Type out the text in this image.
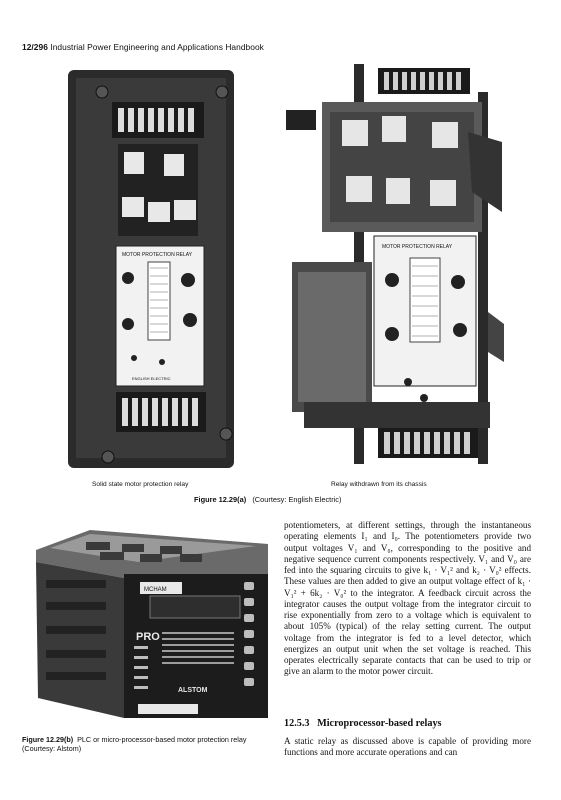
12/296 Industrial Power Engineering and Applications Handbook
MOTOR PROTECTION RELAY
ENGLISH ELECTRIC
MOTOR PROTECTION RELAY
Solid state motor protection relay	Relay withdrawn from its chassis
Figure 12.29(a) (Courtesy: English Electric)
MCHAM
PRO
ALSTOM
Figure 12.29(b) PLC or micro-processor-based motor protection relay (Courtesy: Alstom)
potentiometers, at different settings, through the instantaneous operating elements I₁ and I₀. The potentiometers provide two output voltages V₁ and V₀, corresponding to the positive and negative sequence current components respectively. V₁ and V₀ are fed into the squaring circuits to give k₁ · V₁² and k₂ · V₀² effects. These values are then added to give an output voltage effect of k₁ · V₁² + 6k₂ · V₀² to the integrator. A feedback circuit across the integrator causes the output voltage from the integrator circuit to rise exponentially from zero to a voltage which is equivalent to about 105% (typical) of the relay setting current. The output voltage from the integrator is fed to a level detector, which energizes an output unit when the set voltage is reached. This operates electrically separate contacts that can be used to trip or give an alarm to the motor power circuit.
12.5.3 Microprocessor-based relays
A static relay as discussed above is capable of providing more functions and more accurate operations and can
